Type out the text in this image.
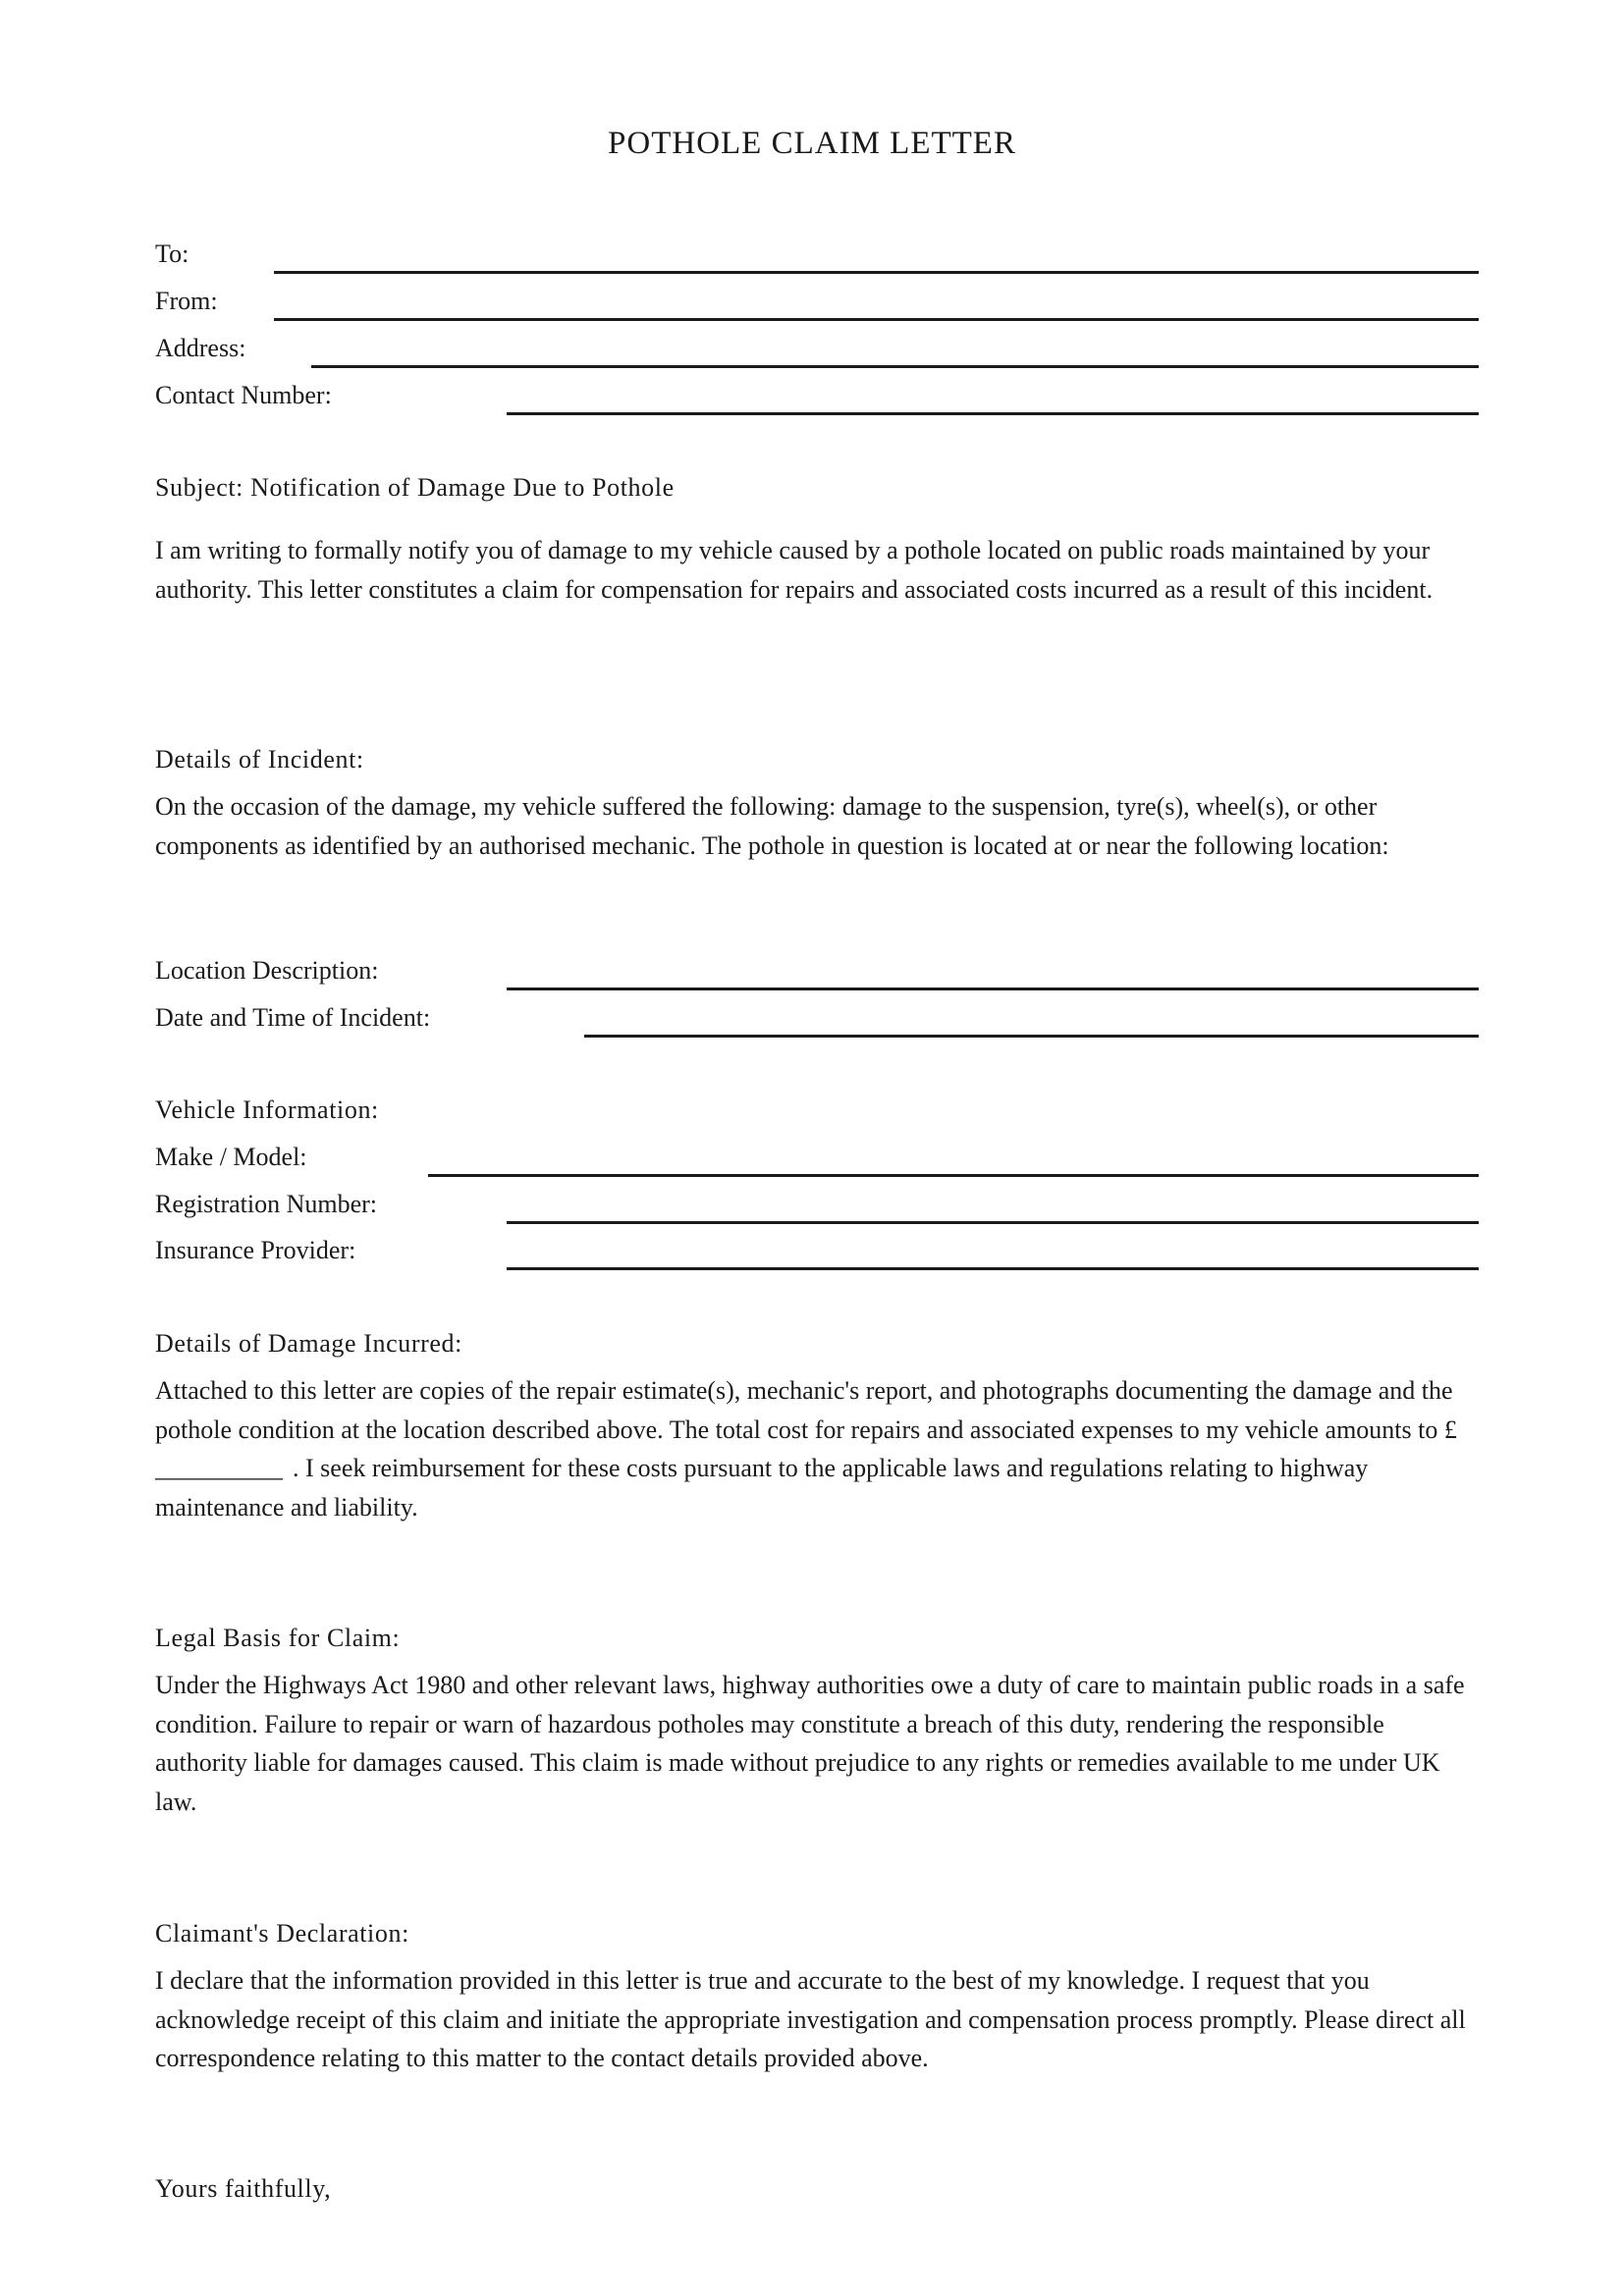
POTHOLE CLAIM LETTER
To:
From:
Address:
Contact Number:
Subject: Notification of Damage Due to Pothole

I am writing to formally notify you of damage to my vehicle caused by a pothole located on public roads maintained by your authority. This letter constitutes a claim for compensation for repairs and associated costs incurred as a result of this incident.

Details of Incident:

On the occasion of the damage, my vehicle suffered the following: damage to the suspension, tyre(s), wheel(s), or other components as identified by an authorised mechanic. The pothole in question is located at or near the following location:

Location Description:
Date and Time of Incident:
Vehicle Information:
Make / Model:
Registration Number:
Insurance Provider:
Details of Damage Incurred:

Attached to this letter are copies of the repair estimate(s), mechanic's report, and photographs documenting the damage and the pothole condition at the location described above. The total cost for repairs and associated expenses to my vehicle amounts to £__________ . I seek reimbursement for these costs pursuant to the applicable laws and regulations relating to highway maintenance and liability.

Legal Basis for Claim:

Under the Highways Act 1980 and other relevant laws, highway authorities owe a duty of care to maintain public roads in a safe condition. Failure to repair or warn of hazardous potholes may constitute a breach of this duty, rendering the responsible authority liable for damages caused. This claim is made without prejudice to any rights or remedies available to me under UK law.

Claimant's Declaration:

I declare that the information provided in this letter is true and accurate to the best of my knowledge. I request that you acknowledge receipt of this claim and initiate the appropriate investigation and compensation process promptly. Please direct all correspondence relating to this matter to the contact details provided above.

Yours faithfully,
